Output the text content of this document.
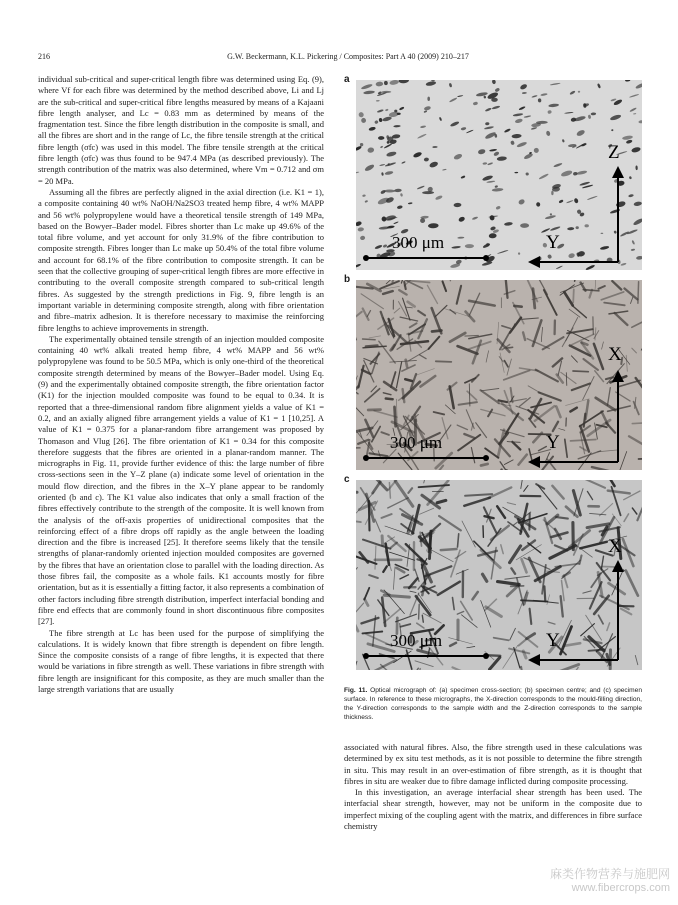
216	G.W. Beckermann, K.L. Pickering / Composites: Part A 40 (2009) 210–217

individual sub-critical and super-critical length fibre was determined using Eq. (9), where Vf for each fibre was determined by the method described above, Li and Lj are the sub-critical and super-critical fibre lengths measured by means of a Kajaani fibre length analyser, and Lc = 0.83 mm as determined by means of the fragmentation test. Since the fibre length distribution in the composite is small, and all the fibres are short and in the range of Lc, the fibre tensile strength at the critical fibre length (σfc) was used in this model. The fibre tensile strength at the critical fibre length (σfc) was thus found to be 947.4 MPa (as described previously). The strength contribution of the matrix was also determined, where Vm = 0.712 and σm = 20 MPa.

Assuming all the fibres are perfectly aligned in the axial direction (i.e. K1 = 1), a composite containing 40 wt% NaOH/Na2SO3 treated hemp fibre, 4 wt% MAPP and 56 wt% polypropylene would have a theoretical tensile strength of 149 MPa, based on the Bowyer–Bader model. Fibres shorter than Lc make up 49.6% of the total fibre volume, and yet account for only 31.9% of the fibre contribution to composite strength. Fibres longer than Lc make up 50.4% of the total fibre volume and account for 68.1% of the fibre contribution to composite strength. It can be seen that the collective grouping of super-critical length fibres are more effective in contributing to the overall composite strength compared to sub-critical length fibres. As suggested by the strength predictions in Fig. 9, fibre length is an important variable in determining composite strength, along with fibre orientation and fibre–matrix adhesion. It is therefore necessary to maximise the reinforcing fibre lengths to achieve improvements in strength.

The experimentally obtained tensile strength of an injection moulded composite containing 40 wt% alkali treated hemp fibre, 4 wt% MAPP and 56 wt% polypropylene was found to be 50.5 MPa, which is only one-third of the theoretical composite strength determined by means of the Bowyer–Bader model. Using Eq. (9) and the experimentally obtained composite strength, the fibre orientation factor (K1) for the injection moulded composite was found to be equal to 0.34. It is reported that a three-dimensional random fibre alignment yields a value of K1 = 0.2, and an axially aligned fibre arrangement yields a value of K1 = 1 [10,25]. A value of K1 = 0.375 for a planar-random fibre arrangement was proposed by Thomason and Vlug [26]. The fibre orientation of K1 = 0.34 for this composite therefore suggests that the fibres are oriented in a planar-random manner. The micrographs in Fig. 11, provide further evidence of this: the large number of fibre cross-sections seen in the Y–Z plane (a) indicate some level of orientation in the mould flow direction, and the fibres in the X–Y plane appear to be randomly oriented (b and c). The K1 value also indicates that only a small fraction of the fibres effectively contribute to the strength of the composite. It is well known from the analysis of the off-axis properties of unidirectional composites that the reinforcing effect of a fibre drops off rapidly as the angle between the loading direction and the fibre is increased [25]. It therefore seems likely that the tensile strengths of planar-randomly oriented injection moulded composites are governed by the fibres that have an orientation close to parallel with the loading direction. As those fibres fail, the composite as a whole fails. K1 accounts mostly for fibre orientation, but as it is essentially a fitting factor, it also represents a combination of other factors including fibre strength distribution, imperfect interfacial bonding and fibre end effects that are commonly found in short discontinuous fibre composites [27].

The fibre strength at Lc has been used for the purpose of simplifying the calculations. It is widely known that fibre strength is dependent on fibre length. Since the composite consists of a range of fibre lengths, it is expected that there would be variations in fibre strength as well. These variations in fibre strength with fibre length are insignificant for this composite, as they are much smaller than the large strength variations that are usually

a
300 μm
Z
Y
b
300 μm
X
Y
c
300 μm
X
Y
Fig. 11. Optical micrograph of: (a) specimen cross-section; (b) specimen centre; and (c) specimen surface. In reference to these micrographs, the X-direction corresponds to the mould-filling direction, the Y-direction corresponds to the sample width and the Z-direction corresponds to the sample thickness.

associated with natural fibres. Also, the fibre strength used in these calculations was determined by ex situ test methods, as it is not possible to determine the fibre strength in situ. This may result in an over-estimation of fibre strength, as it is thought that fibres in situ are weaker due to fibre damage inflicted during composite processing.

In this investigation, an average interfacial shear strength has been used. The interfacial shear strength, however, may not be uniform in the composite due to imperfect mixing of the coupling agent with the matrix, and differences in fibre surface chemistry

麻类作物营养与施肥网
www.fibercrops.com
